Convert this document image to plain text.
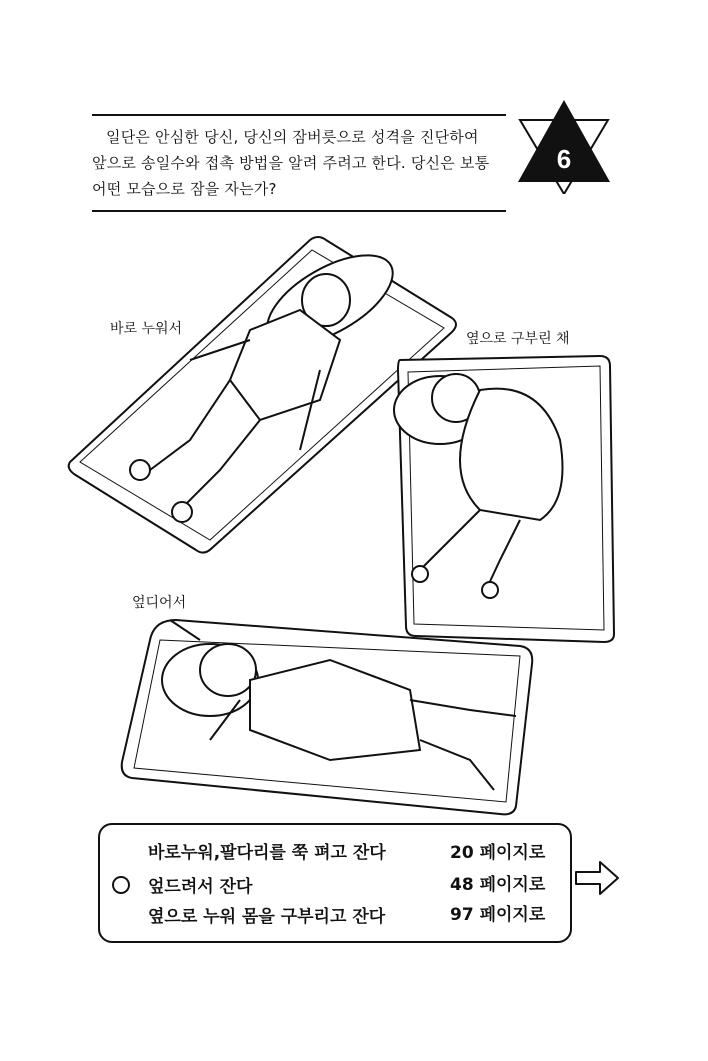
일단은 안심한 당신, 당신의 잠버릇으로 성격을 진단하여
앞으로 송일수와 접촉 방법을 알려 주려고 한다. 당신은 보통
어떤 모습으로 잠을 자는가?
6
바로 누워서
옆으로 구부린 채
엎디어서
바로누워,팔다리를 쭉 펴고 잔다	20 페이지로
엎드려서 잔다	48 페이지로
옆으로 누워 몸을 구부리고 잔다	97 페이지로
